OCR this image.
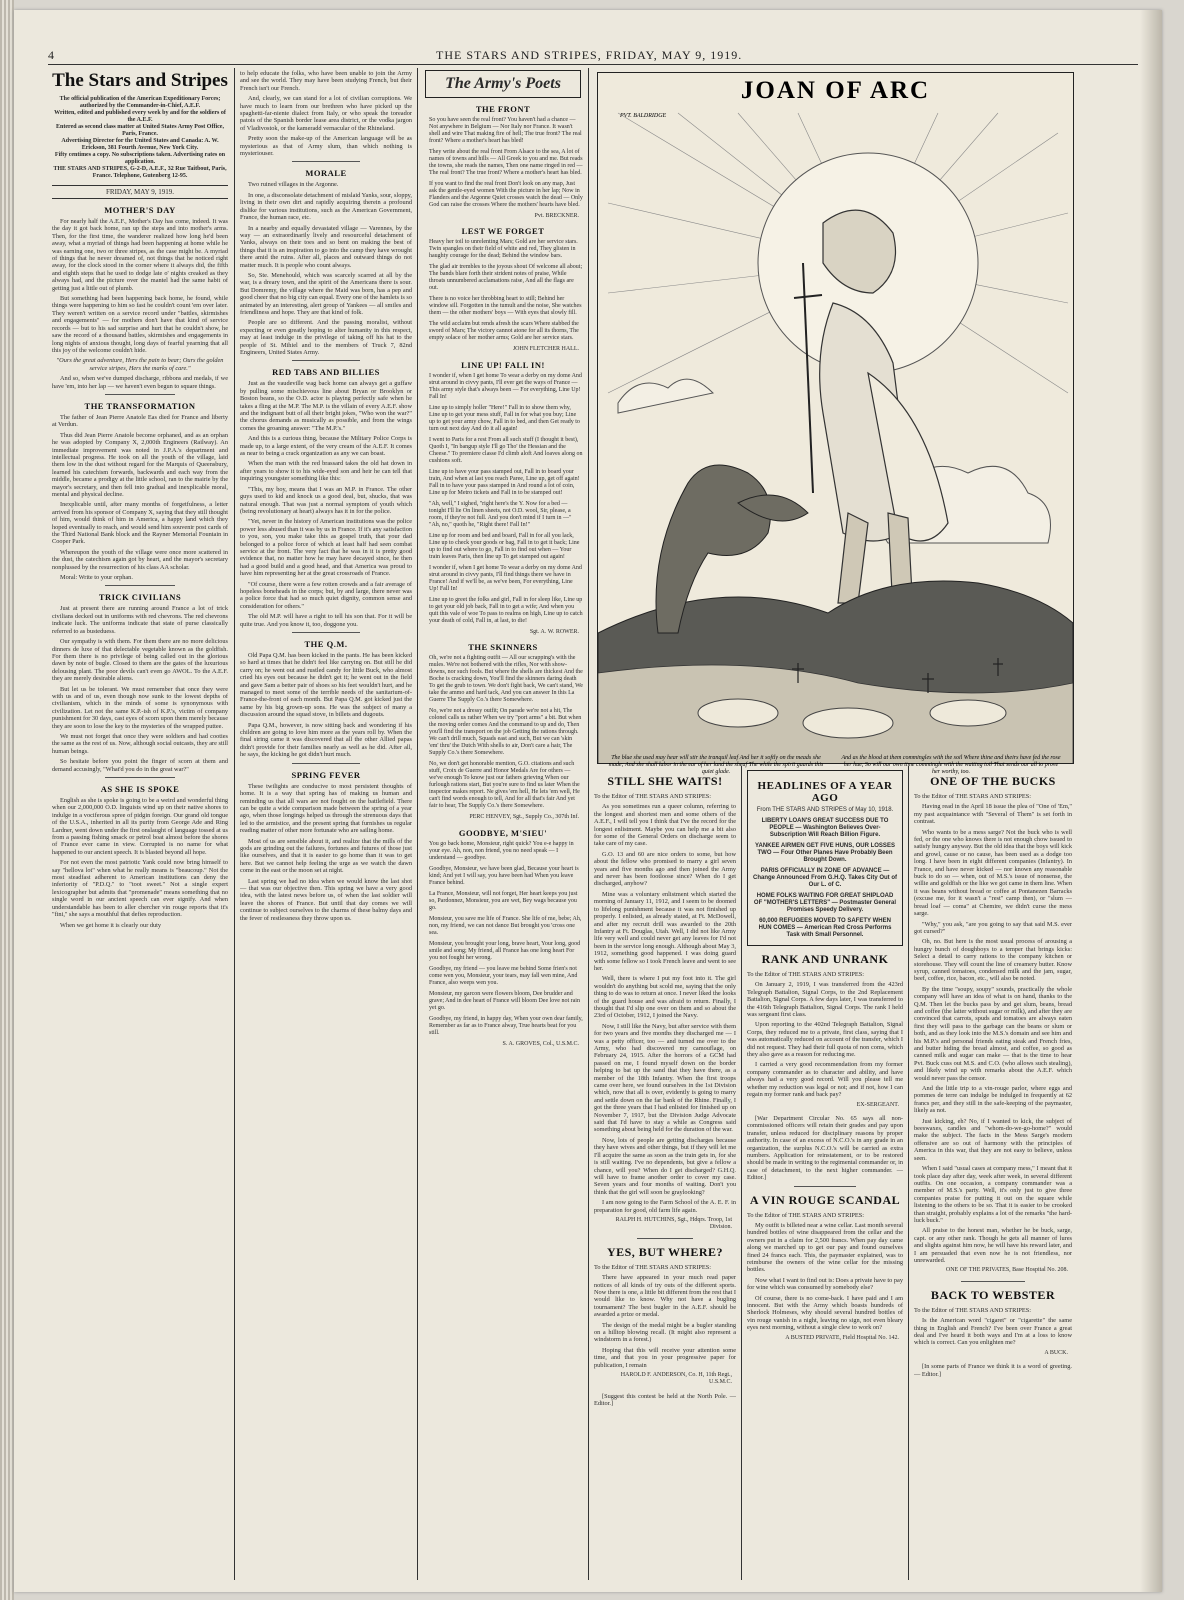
4	THE STARS AND STRIPES, FRIDAY, MAY 9, 1919.
The Stars and Stripes
The official publication of the American Expeditionary Forces; authorized by the Commander-in-Chief, A.E.F.
Written, edited and published every week by and for the soldiers of the A.E.F.
Entered as second class matter at United States Army Post Office, Paris, France.
Advertising Director for the United States and Canada: A. W. Erickson, 381 Fourth Avenue, New York City.
Fifty centimes a copy. No subscriptions taken. Advertising rates on application.
THE STARS AND STRIPES, G-2-D, A.E.F., 32 Rue Taitbout, Paris, France. Telephone, Gutenberg 12-95.
FRIDAY, MAY 9, 1919.
MOTHER'S DAY

For nearly half the A.E.F., Mother's Day has come, indeed. It was the day it got back home, ran up the steps and into mother's arms. Then, for the first time, the wanderer realized how long he'd been away, what a myriad of things had been happening at home while he was earning one, two or three stripes, as the case might be. A myriad of things that he never dreamed of, not things that he noticed right away, for the clock stood in the corner where it always did, the fifth and eighth steps that he used to dodge late o' nights creaked as they always had, and the picture over the mantel had the same habit of getting just a little out of plumb.

But something had been happening back home, he found, while things were happening to him so fast he couldn't count 'em over later. They weren't written on a service record under "battles, skirmishes and engagements" — for mothers don't have that kind of service records — but to his sad surprise and hurt that he couldn't show, he saw the record of a thousand battles, skirmishes and engagements in long nights of anxious thought, long days of fearful yearning that all this joy of the welcome couldn't hide.

"Ours the great adventure, Hers the pain to bear; Ours the golden service stripes, Hers the marks of care."

And so, when we've dumped discharge, ribbons and medals, if we have 'em, into her lap — we haven't even begun to square things.

THE TRANSFORMATION

The father of Jean Pierre Anatole Eas died for France and liberty at Verdun.

Thus did Jean Pierre Anatole become orphaned, and as an orphan he was adopted by Company X, 2,000th Engineers (Railway). An immediate improvement was noted in J.P.A.'s department and intellectual progress. He took on all the youth of the village, laid them low in the dust without regard for the Marquis of Queensbury, learned his catechism forwards, backwards and each way from the middle, became a prodigy at the little school, ran to the mairie by the mayor's secretary, and then fell into gradual and inexplicable moral, mental and physical decline.

Inexplicable until, after many months of forgetfulness, a letter arrived from his sponsor of Company X, saying that they still thought of him, would think of him in America, a happy land which they hoped eventually to reach, and would send him souvenir post cards of the Third National Bank block and the Rayner Memorial Fountain in Cooper Park.

Whereupon the youth of the village were once more scattered in the dust, the catechism again got by heart, and the mayor's secretary nonplussed by the resurrection of his class AA scholar.

Moral: Write to your orphan.

TRICK CIVILIANS

Just at present there are running around France a lot of trick civilians decked out in uniforms with red chevrons. The red chevrons indicate luck. The uniforms indicate that state of purse classically referred to as busteduess.

Our sympathy is with them. For them there are no more delicious dinners de luxe of that delectable vegetable known as the goldfish. For them there is no privilege of being called out in the glorious dawn by note of bugle. Closed to them are the gates of the luxurious delousing plant. The poor devils can't even go AWOL. To the A.E.F. they are merely desirable aliens.

But let us be tolerant. We must remember that once they were with us and of us, even though now sunk to the lowest depths of civilianism, which in the minds of some is synonymous with civilization. Let not the same K.P.-ish of K.P.'s, victim of company punishment for 30 days, cast eyes of scorn upon them merely because they are soon to lose the key to the mysteries of the wrapped puttee.

We must not forget that once they were soldiers and had cooties the same as the rest of us. Now, although social outcasts, they are still human beings.

So hesitate before you point the finger of scorn at them and demand accusingly, "What'd you do in the great war?"

AS SHE IS SPOKE

English as she is spoke is going to be a weird and wonderful thing when our 2,000,000 O.D. linguists wind up on their native shores to indulge in a vociferous spree of pidgin foreign. Our grand old tongue of the U.S.A., inherited in all its purity from George Ade and Ring Lardner, went down under the first onslaught of language tossed at us from a passing fishing smack or petrol boat almost before the shores of France ever came in view. Corrupted is no name for what happened to our ancient speech. It is blasted beyond all hope.

For not even the most patriotic Yank could now bring himself to say "hellova lot" when what he really means is "beaucoup." Not the most steadfast adherent to American institutions can deny the inferiority of "P.D.Q." to "toot sweet." Not a single expert lexicographer but admits that "promenade" means something that no single word in our ancient speech can ever signify. And when understandable has been to aller chercher vin rouge reports that it's "fini," she says a mouthful that defies reproduction.

When we get home it is clearly our duty

to help educate the folks, who have been unable to join the Army and see the world. They may have been studying French, but their French isn't our French.

And, clearly, we can stand for a lot of civilian corruptions. We have much to learn from our brethren who have picked up the spaghetti-far-niente dialect from Italy, or who speak the toreador patois of the Spanish border lease area district, or the vodka jargon of Vladivostok, or the kameradd vernacular of the Rhineland.

Pretty soon the make-up of the American language will be as mysterious as that of Army slum, than which nothing is mysteriouser.

MORALE

Two ruined villages in the Argonne.

In one, a disconsolate detachment of mislaid Yanks, sour, sloppy, living in their own dirt and rapidly acquiring therein a profound dislike for various institutions, such as the American Government, France, the human race, etc.

In a nearby and equally devastated village — Varennes, by the way — an extraordinarily lively and resourceful detachment of Yanks, always on their toes and so bent on making the best of things that it is an inspiration to go into the camp they have wrought there amid the ruins. After all, places and outward things do not matter much. It is people who count always.

So, Ste. Menehould, which was scarcely scarred at all by the war, is a dreary town, and the spirit of the Americans there is sour. But Domremy, the village where the Maid was born, has a pep and good cheer that no big city can equal. Every one of the hamlets is so animated by an interesting, alert group of Yankees — all smiles and friendliness and hope. They are that kind of folk.

People are so different. And the passing moralist, without expecting or even greatly hoping to alter humanity in this respect, may at least indulge in the privilege of taking off his hat to the people of St. Mihiel and to the members of Truck 7, 82nd Engineers, United States Army.

RED TABS AND BILLIES

Just as the vaudeville wag back home can always get a guffaw by pulling some mischievous line about Bryan or Brooklyn or Boston beans, so the O.D. actor is playing perfectly safe when he takes a fling at the M.P. The M.P. is the villain of every A.E.F. show and the indignant butt of all their bright jokes, "Who won the war?" the chorus demands as musically as possible, and from the wings comes the groaning answer: "The M.P.'s."

And this is a curious thing, because the Military Police Corps is made up, to a large extent, of the very cream of the A.E.F. It comes as near to being a crack organization as any we can boast.

When the man with the red brassard takes the old hat down in after years to show it to his wide-eyed son and heir he can tell that inquiring youngster something like this:

"This, my boy, means that I was an M.P. in France. The other guys used to kid and knock us a good deal, but, shucks, that was natural enough. That was just a normal symptom of youth which (being revolutionary at heart) always has it in for the police.

"Yet, never in the history of American institutions was the police power less abused than it was by us in France. If it's any satisfaction to you, son, you make take this as gospel truth, that your dad belonged to a police force of which at least half had seen combat service at the front. The very fact that he was in it is pretty good evidence that, no matter how he may have decayed since, he then had a good build and a good head, and that America was proud to have him representing her at the great crossroads of France.

"Of course, there were a few rotten crowds and a fair average of hopeless boneheads in the corps; but, by and large, there never was a police force that had so much quiet dignity, common sense and consideration for others."

The old M.P. will have a right to tell his son that. For it will be quite true. And you know it, too, doggone you.

THE Q.M.

Old Papa Q.M. has been kicked in the pants. He has been kicked so hard at times that he didn't feel like carrying on. But still he did carry on; he went out and rustled candy for little Buck, who almost cried his eyes out because he didn't get it; he went out in the field and gave Sam a better pair of shoes so his feet wouldn't hurt, and he managed to meet some of the terrible needs of the sanitarium-of-France-the-front of each month. But Papa Q.M. got kicked just the same by his big grown-up sons. He was the subject of many a discussion around the squad stove, in billets and dugouts.

Papa Q.M., however, is now sitting back and wondering if his children are going to love him more as the years roll by. When the final siring came it was discovered that all the other Allied papas didn't provide for their families nearly as well as he did. After all, he says, the kicking he got didn't hurt much.

SPRING FEVER

These twilights are conducive to most persistent thoughts of home. It is a way that spring has of making us human and reminding us that all wars are not fought on the battlefield. There can be quite a wide comparison made between the spring of a year ago, when those longings helped us through the strenuous days that led to the armistice, and the present spring that furnishes us regular reading matter of other more fortunate who are sailing home.

Most of us are sensible about it, and realize that the mills of the gods are grinding out the failures, fortunes and futures of those just like ourselves, and that it is easier to go home than it was to get here. But we cannot help feeling the urge as we watch the dawn come in the east or the moon set at night.

Last spring we had no idea when we would know the last shot — that was our objective then. This spring we have a very good idea, with the latest news before us, of when the last soldier will leave the shores of France. But until that day comes we will continue to subject ourselves to the charms of these balmy days and the fever of restlessness they throw upon us.

The Army's Poets
THE FRONT

So you have seen the real front? You haven't had a chance — Not anywhere in Belgium — Nor Italy nor France. It wasn't shell and wire That making fire of hell; The true front? The real front? Where a mother's heart has bled!

They write about the real front From Alsace to the sea, A lot of names of towns and hills — All Greek to you and me. But reads the towns, she reads the names, Then one name ringed in red — The real front? The true front? Where a mother's heart has bled.

If you want to find the real front Don't look on any map, Just ask the gentle-eyed women With the picture in her lap; Now in Flanders and the Argonne Quiet crosses watch the dead — Only God can raise the crosses Where the mothers' hearts have bled.

Pvt. BRECKNER.
LEST WE FORGET

Heavy her toil to unrelenting Mars; Gold are her service stars. Twin spangles on their field of white and red, They glisten in haughty courage for the dead; Behind the window bars.

The glad air trembles to the joyous shout Of welcome all about; The bands blare forth their strident notes of praise, While throats unnumbered acclamations raise, And all the flags are out.

There is no voice her throbbing heart to still; Behind her window sill. Forgotten in the tumult and the noise, She watches them — the other mothers' boys — With eyes that slowly fill.

The wild acclaim but rends afresh the scars Where stabbed the sword of Mars; The victory cannot atone for all its thorns, The empty solace of her mother arms; Gold are her service stars.

JOHN FLETCHER HALL.
LINE UP! FALL IN!

I wonder if, when I get home To wear a derby on my dome And strut around in civvy pants, I'll ever get the ways of France — This army style that's always been — For everything, Line Up! Fall In!

Line up to simply holler "Here!" Fall in to show them why, Line up to get your mess stuff, Fall in for what you buy; Line up to get your army chow, Fall in to bed, and then Get ready to turn out next day And do it all again!

I went to Paris for a rest From all such stuff (I thought it best), Quoth I, "In bangup style I'll go Tho' the Hessian and the Cheese." To premiere classe I'd climb aloft And loaves along on cushions soft.

Line up to have your pass stamped out, Fall in to board your train, And when at last you reach Paree, Line up, get off again! Fall in to have your pass stamped in And round a lot of coin, Line up for Metro tickets and Fall in to be stamped out!

"Ah, well," I sighed, "right here's the Y. Now for a bed — tonight I'll lie On linen sheets, not O.D. wool, Sir, please, a room, if they're not full. And you don't mind if I turn in —" "Ah, no," quoth he, "Right there! Fall In!"

Line up for room and bed and board, Fall in for all you lack, Line up to check your goods or bag, Fall in to get it back; Line up to find out where to go, Fall in to find out when — Your train leaves Paris, then line up To get stamped out again!

I wonder if, when I get home To wear a derby on my dome And strut around in civvy pants, I'll find things there we have in France! And if we'll be, as we've been, For everything, Line Up! Fall In!

Line up to greet the folks and girl, Fall in for sleep like, Line up to get your old job back, Fall in to get a wife; And when you quit this vale of woe To pass to realms on high, Line up to catch your death of cold, Fall in, at last, to die!

Sgt. A. W. ROWER.
THE SKINNERS

Oh, we're not a fighting outfit — All our scrapping's with the mules. We're not bothered with the rifles, Nor with show-downs, nor such fools. But where the shells are thickest And the Boche is cracking down, You'll find the skinners daring death To get the grub to town. We don't fight back, We can't stand, We take the ammo and hard tack, And you can answer In this La Guerre The Supply Co.'s there Somewhere.

No, we're not a dressy outfit; On parade we're not a hit, The colonel calls us rather When we try "port arms" a bit. But when the moving order comes And the command to up and do, Then you'll find the transport on the job Getting the rations through. We can't drill much, Squads east and such, But we can 'skin 'em' thru' the Dutch With shells to air, Don't care a hair, The Supply Co.'s there Somewhere.

No, we don't get honorable mention, G.O. citations and such stuff, Croix de Guerre and Honor Medals Are for others — we've enough To know just our fathers grieving When our furlough rations start, But you're sure to find us later When the inspector makes report. Ne gives 'em hell, He lets 'em well, He can't find words enough to tell, And for all that's fair And yet fair to hear, The Supply Co.'s there Somewhere.

PERC HENVEY, Sgt., Supply Co., 307th Inf.
GOODBYE, M'SIEU'

You go back home, Monsieur, right quick? You e-e happy in your eye. Ah, non, non friend, you no need speak — I understand — goodbye.

Goodbye, Monsieur, we have been glad, Because your heart is kind; And yet I will say, you have been had When you leave France behind.

La France, Monsieur, will not forget, Her heart keeps you just so, Pardonnez, Monsieur, you are wet, Bey wags because you go.

Monsieur, you save me life of France. She life of me, bebe; Ah, non, my friend, we can not dance But brought you 'cross one sea.

Monsieur, you brought your long, brave heart, Your long, good smile and song; My friend, all France has one long heart For you not fought her wrong.

Goodbye, my friend — you leave me behind Some frien's not come wen you, Monsieur, your tears, may fall wen mine, And France, also weeps wen you.

Monsieur, my garcon were flowers bloom, Dee brudder and grave; And in dee heart of France will bloom Dee love not rain yet go.

Goodbye, my friend, in happy day, When your own dear family, Remember as far as to France alway, True hearts beat for you still.

S. A. GROVES, Col., U.S.M.C.
JOAN OF ARC
PVT. BALDRIDGE
The blue she used may hear will stir the tranquil leaf And her it softly on the meads she made; And she shall labor in the ear of her land the sheaf The while the spirit guards this quiet glade.
And as the blood at them commingles with the soil Where thine and theirs have fed the rose her hue, So will our own time commingle with the waiting toil That sends our all to prove her worthy, too.
STILL SHE WAITS!

To the Editor of THE STARS AND STRIPES:

As you sometimes run a queer column, referring to the longest and shortest men and some others of the A.E.F., I will tell you I think that I've the record for the longest enlistment. Maybe you can help me a bit also for some of the General Orders on discharge seem to take care of my case.

G.O. 13 and 60 are nice orders to some, but how about the fellow who promised to marry a girl seven years and five months ago and then joined the Army and never has been footloose since? When do I get discharged, anyhow?

Mine was a voluntary enlistment which started the morning of January 11, 1912, and I seem to be doomed to lifelong punishment because it was not finished up properly. I enlisted, as already stated, at Ft. McDowell, and after my recruit drill was awarded to the 20th Infantry at Ft. Douglas, Utah. Well, I did not like Army life very well and could never get any leaves for I'd not been in the service long enough. Although about May 3, 1912, something good happened. I was doing guard with some fellow so I took French leave and went to see her.

Well, there is where I put my foot into it. The girl wouldn't do anything but scold me, saying that the only thing to do was to return at once. I never liked the looks of the guard house and was afraid to return. Finally, I thought that I'd slip one over on them and so about the 23rd of October, 1912, I joined the Navy.

Now, I still like the Navy, but after service with them for two years and five months they discharged me — I was a petty officer, too — and turned me over to the Army, who had discovered my camouflage, on February 24, 1915. After the horrors of a GCM had passed on me, I found myself down on the border helping to bat up the sand that they have there, as a member of the 18th Infantry. When the first troops came over here, we found ourselves in the 1st Division which, now that all is over, evidently is going to marry and settle down on the far bank of the Rhine. Finally, I got the three years that I had enlisted for finished up on November 7, 1917, but the Division Judge Advocate said that I'd have to stay a while as Congress said something about being held for the duration of the war.

Now, lots of people are getting discharges because they have wives and other things, but if they will let me I'll acquire the same as soon as the train gets in, for she is still waiting. I've no dependents, but give a fellow a chance, will you? When do I get discharged? G.H.Q. will have to frame another order to cover my case. Seven years and four months of waiting. Don't you think that the girl will soon be graylooking?

I am now going to the Farm School of the A. E. F. in preparation for good, old farm life again.

RALPH H. HUTCHINS, Sgt., Hdqrs. Troop, 1st Division.
YES, BUT WHERE?

To the Editor of THE STARS AND STRIPES:

There have appeared in your much read paper notices of all kinds of try outs of the different sports. Now there is one, a little bit different from the rest that I would like to know. Why not have a bugling tournament? The best bugler in the A.E.F. should be awarded a prize or medal.

The design of the medal might be a bugler standing on a hilltop blowing recall. (It might also represent a windstorm in a forest.)

Hoping that this will receive your attention some time, and that you in your progressive paper for publication, I remain

HAROLD F. ANDERSON, Co. H, 11th Regt., U.S.M.C.

[Suggest this contest be held at the North Pole. — Editor.]

HEADLINES OF A YEAR AGO
From THE STARS AND STRIPES of May 10, 1918.
LIBERTY LOAN'S GREAT SUCCESS DUE TO PEOPLE — Washington Believes Over-Subscription Will Reach Billion Figure.
YANKEE AIRMEN GET FIVE HUNS, OUR LOSSES TWO — Four Other Planes Have Probably Been Brought Down.
PARIS OFFICIALLY IN ZONE OF ADVANCE — Change Announced From G.H.Q. Takes City Out of Our L. of C.
HOME FOLKS WAITING FOR GREAT SHIPLOAD OF "MOTHER'S LETTERS" — Postmaster General Promises Speedy Delivery.
60,000 REFUGEES MOVED TO SAFETY WHEN HUN COMES — American Red Cross Performs Task with Small Personnel.
RANK AND UNRANK

To the Editor of THE STARS AND STRIPES:

On January 2, 1919, I was transferred from the 423rd Telegraph Battalion, Signal Corps, to the 2nd Replacement Battalion, Signal Corps. A few days later, I was transferred to the 416th Telegraph Battalion, Signal Corps. The rank I held was sergeant first class.

Upon reporting to the 402nd Telegraph Battalion, Signal Corps, they reduced me to a private, first class, saying that I was automatically reduced on account of the transfer, which I did not request. They had their full quota of non coms, which they also gave as a reason for reducing me.

I carried a very good recommendation from my former company commander as to character and ability, and have always had a very good record. Will you please tell me whether my reduction was legal or not; and if not, how I can regain my former rank and back pay?

EX-SERGEANT.

[War Department Circular No. 65 says all non-commissioned officers will retain their grades and pay upon transfer, unless reduced for disciplinary reasons by proper authority. In case of an excess of N.C.O.'s in any grade in an organization, the surplus N.C.O.'s will be carried as extra numbers. Application for reinstatement, or to be restored should be made in writing to the regimental commander or, in case of detachment, to the next higher commander. — Editor.]

A VIN ROUGE SCANDAL

To the Editor of THE STARS AND STRIPES:

My outfit is billeted near a wine cellar. Last month several hundred bottles of wine disappeared from the cellar and the owners put in a claim for 2,500 francs. When pay day came along we marched up to get our pay and found ourselves fined 24 francs each. This, the paymaster explained, was to reimburse the owners of the wine cellar for the missing bottles.

Now what I want to find out is: Does a private have to pay for wine which was consumed by somebody else?

Of course, there is no come-back. I have paid and I am innocent. But with the Army which boasts hundreds of Sherlock Holmeses, why should several hundred bottles of vin rouge vanish in a night, leaving no sign, not even bleary eyes next morning, without a single clew to work on?

A BUSTED PRIVATE, Field Hospital No. 142.
ONE OF THE BUCKS

To the Editor of THE STARS AND STRIPES:

Having read in the April 18 issue the plea of "One of 'Em," my past acquaintance with "Several of Them" is set forth in contrast.

Who wants to be a mess sarge? Not the buck who is well fed, or the one who knows there is not enough chow issued to satisfy hungry anyway. But the old idea that the boys will kick and growl, cause or no cause, has been used as a dodge too long. I have been in eight different companies (Infantry). In France, and have never kicked — nor known any reasonable buck to do so — when, out of M.S.'s issue of nonsense, the willie and goldfish or the like we got came in them line. When it was beans without bread or coffee at Pontanezen Barracks (excuse me, for it wasn't a "rest" camp then), or "slum — bread loaf — coma" at Chemire, we didn't curse the mess sarge.

"Why," you ask, "are you going to say that said M.S. ever got cursed?"

Oh, no. But here is the most usual process of arousing a hungry bunch of doughboys to a temper that brings kicks: Select a detail to carry rations to the company kitchen or storehouse. They will count the line of creamery butter. Know syrup, canned tomatoes, condensed milk and the jam, sugar, beef, coffee, rice, bacon, etc., will also be noted.

By the time "soupy, soupy" sounds, practically the whole company will have an idea of what is on hand, thanks to the Q.M. Then let the bucks pass by and get slum, beans, bread and coffee (the latter without sugar or milk), and after they are convinced that carrots, spuds and tomatoes are always eaten first they will pass to the garbage can the beans or slum or both, and as they look into the M.S.'s domain and see him and his M.P.'s and personal friends eating steak and French fries, and butter hiding the bread almost, and coffee, so good as canned milk and sugar can make — that is the time to hear Pvt. Buck cuss out M.S. and C.O. (who allows such stealing), and likely wind up with remarks about the A.E.F. which would never pass the censor.

And the little trip to a vin-rouge parlor, where eggs and pommes de terre can indulge be indulged in frequently at 62 francs per, and they still in the safe-keeping of the paymaster, likely as not.

Just kicking, eh? No, if I wanted to kick, the subject of beeswaxes, candles and "whom-do-we-go-home?" would make the subject. The facts in the Mess Sarge's modern offensive are so out of harmony with the principles of America in this war, that they are not easy to believe, unless seen.

When I said "usual cases at company mess," I meant that it took place day after day, week after week, in several different outfits. On one occasion, a company commander was a member of M.S.'s party. Well, it's only just to give three companies praise for putting it out on the square while listening to the others to be so. That it is easier to be crooked than straight, probably explains a lot of the remarks "the hard-luck buck."

All praise to the honest man, whether he be buck, sarge, capt. or any other rank. Though he gets all manner of lures and slights against him now, he will have his reward later, and I am persuaded that even now he is not friendless, nor unrewarded.

ONE OF THE PRIVATES, Base Hospital No. 208.
BACK TO WEBSTER

To the Editor of THE STARS AND STRIPES:

Is the American word "cigaret" or "cigarette" the same thing in English and French? I've been over France a great deal and I've heard it both ways and I'm at a loss to know which is correct. Can you enlighten me?

A BUCK.

[In some parts of France we think it is a word of greeting. — Editor.]
